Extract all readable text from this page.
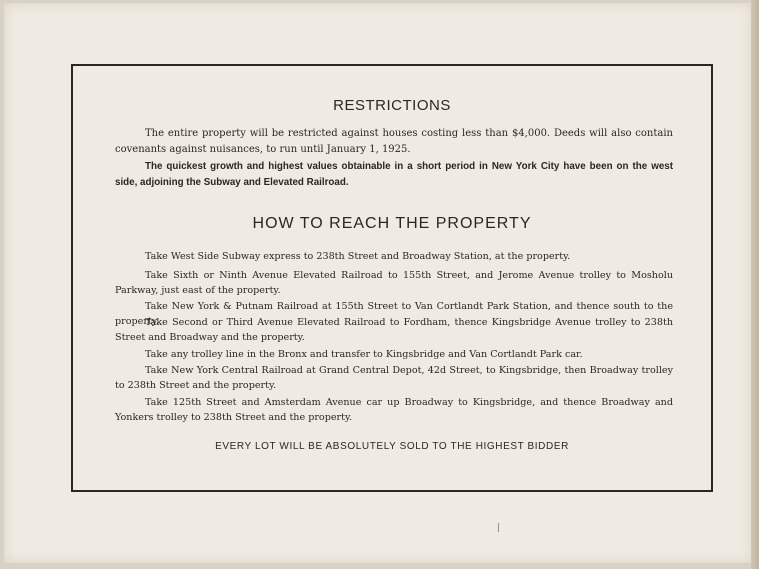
RESTRICTIONS
The entire property will be restricted against houses costing less than $4,000. Deeds will also contain covenants against nuisances, to run until January 1, 1925.
The quickest growth and highest values obtainable in a short period in New York City have been on the west side, adjoining the Subway and Elevated Railroad.
HOW TO REACH THE PROPERTY
Take West Side Subway express to 238th Street and Broadway Station, at the property.
Take Sixth or Ninth Avenue Elevated Railroad to 155th Street, and Jerome Avenue trolley to Mosholu Parkway, just east of the property.
Take New York & Putnam Railroad at 155th Street to Van Cortlandt Park Station, and thence south to the property.
Take Second or Third Avenue Elevated Railroad to Fordham, thence Kingsbridge Avenue trolley to 238th Street and Broadway and the property.
Take any trolley line in the Bronx and transfer to Kingsbridge and Van Cortlandt Park car.
Take New York Central Railroad at Grand Central Depot, 42d Street, to Kingsbridge, then Broadway trolley to 238th Street and the property.
Take 125th Street and Amsterdam Avenue car up Broadway to Kingsbridge, and thence Broadway and Yonkers trolley to 238th Street and the property.
EVERY LOT WILL BE ABSOLUTELY SOLD TO THE HIGHEST BIDDER
